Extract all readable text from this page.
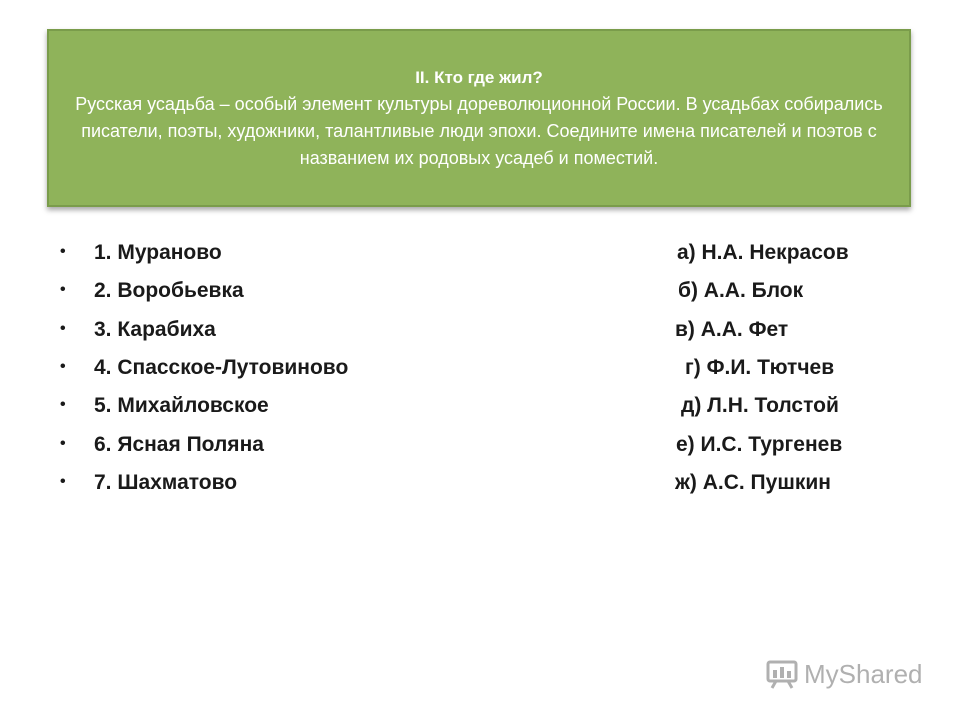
II. Кто где жил?
Русская усадьба – особый элемент культуры дореволюционной России. В усадьбах собирались писатели, поэты, художники, талантливые люди эпохи. Соедините имена писателей и поэтов с названием их родовых усадеб и поместий.
• 1. Мураново	а) Н.А. Некрасов
• 2. Воробьевка	б) А.А. Блок
• 3. Карабиха	в) А.А. Фет
• 4. Спасское-Лутовиново	г) Ф.И. Тютчев
• 5. Михайловское	д) Л.Н. Толстой
• 6. Ясная Поляна	е) И.С. Тургенев
• 7. Шахматово	ж) А.С. Пушкин
MyShared
